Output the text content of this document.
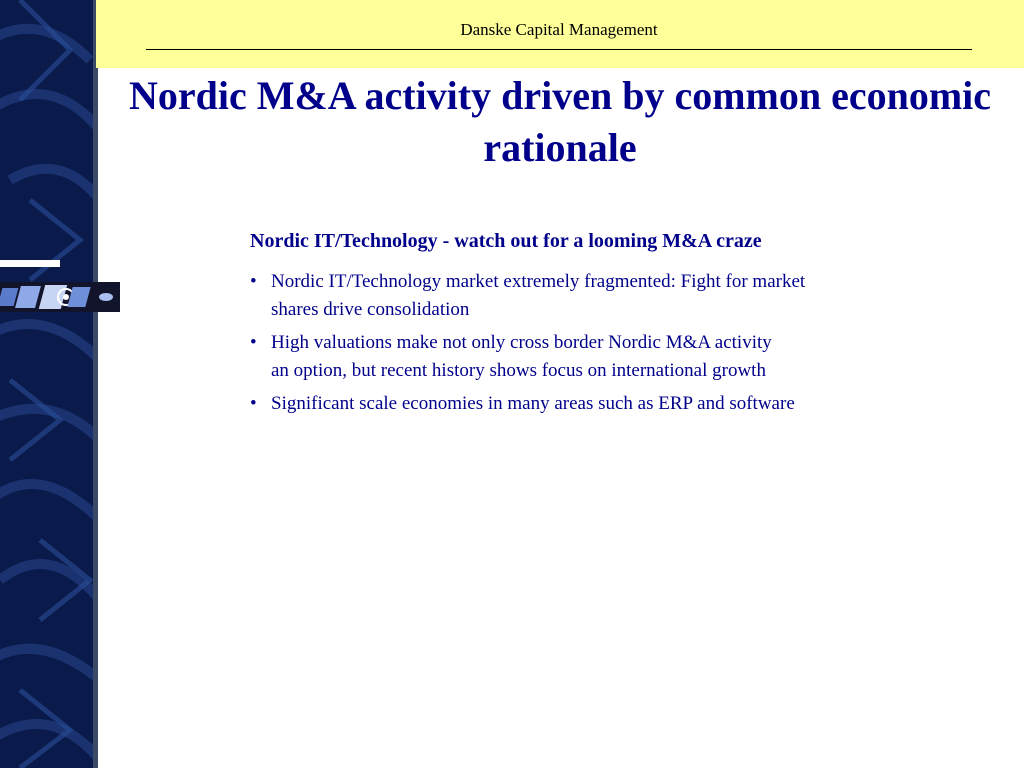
Danske Capital Management
Nordic M&A activity driven by common economic rationale
Nordic IT/Technology - watch out for a looming M&A craze
• Nordic IT/Technology market extremely fragmented: Fight for market
shares drive consolidation
• High valuations make not only cross border Nordic M&A activity
an option, but recent history shows focus on international growth
• Significant scale economies in many areas such as ERP and software
